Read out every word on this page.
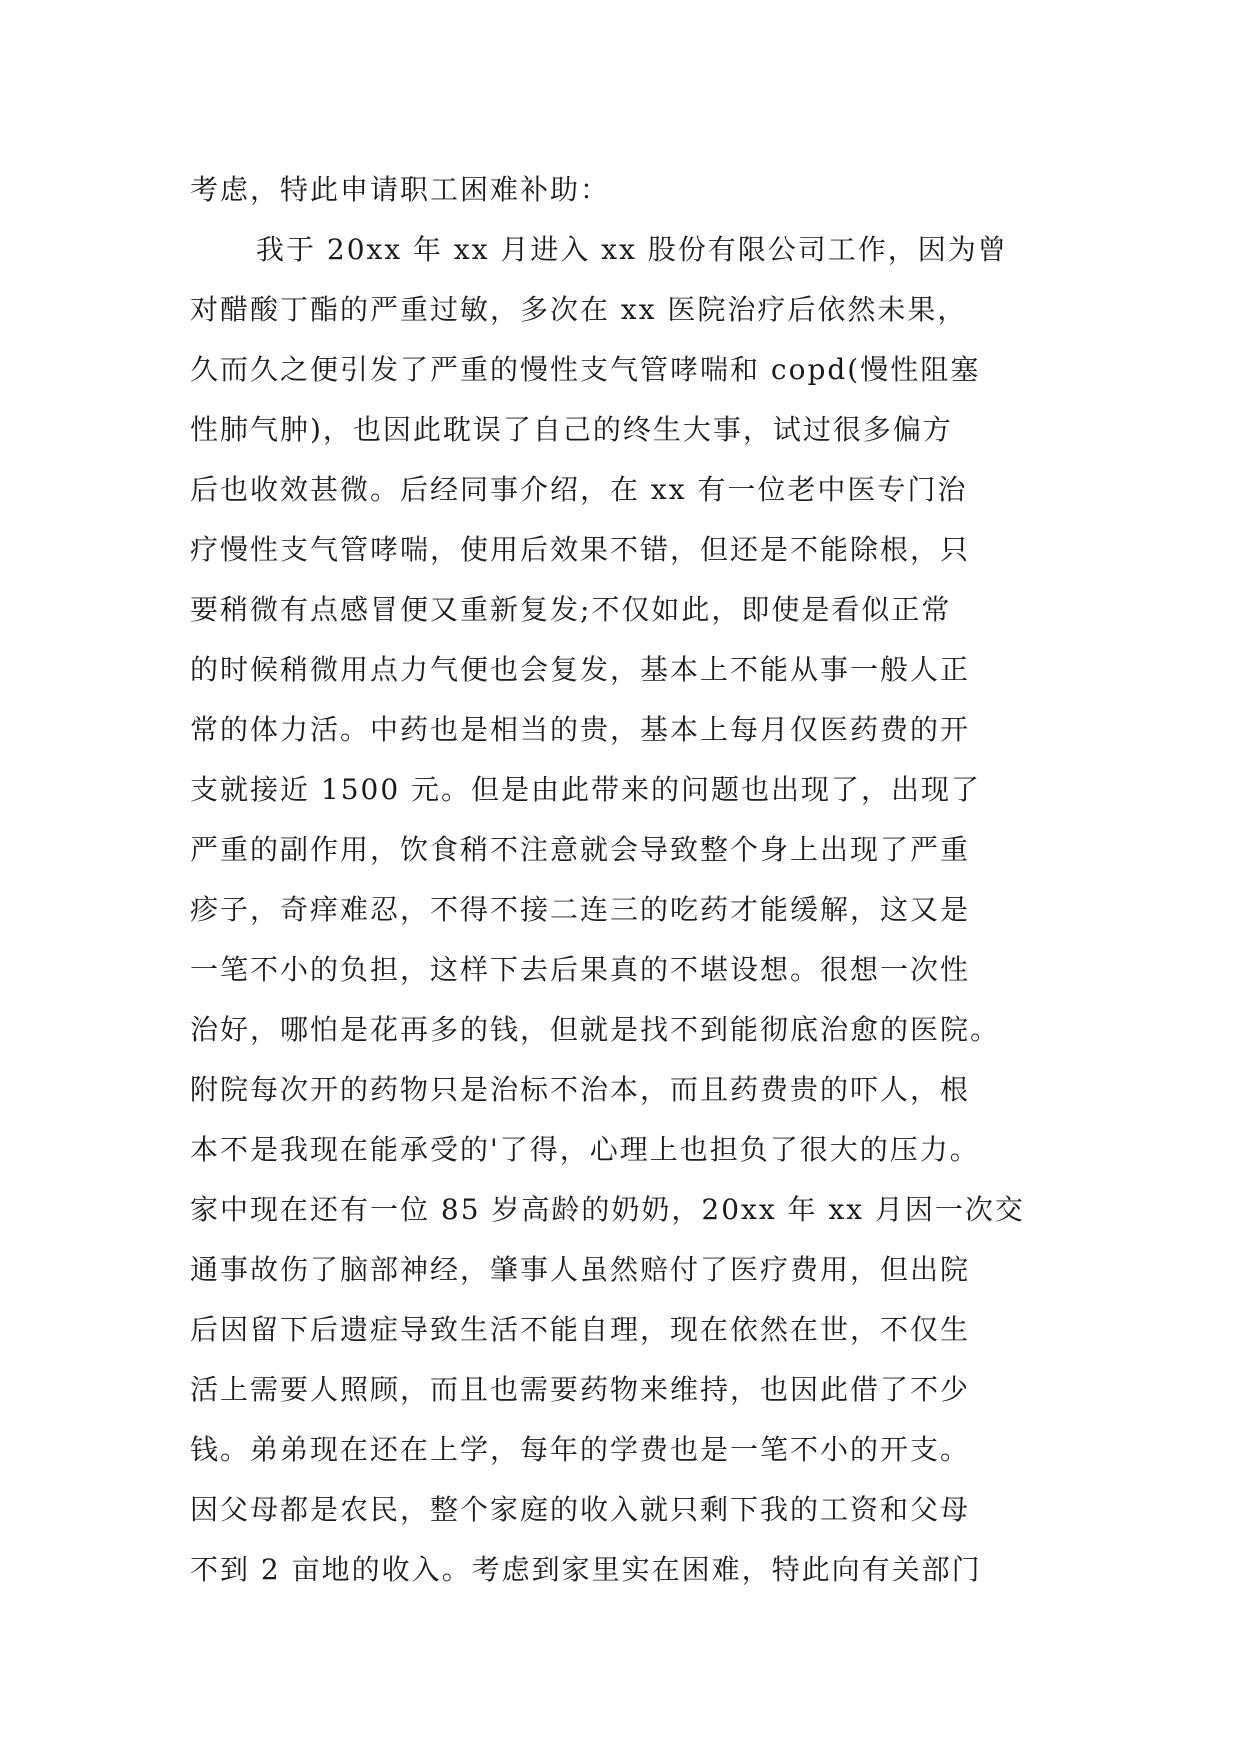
考虑，特此申请职工困难补助：
我于 20xx 年 xx 月进入 xx 股份有限公司工作，因为曾
对醋酸丁酯的严重过敏，多次在 xx 医院治疗后依然未果，
久而久之便引发了严重的慢性支气管哮喘和 copd(慢性阻塞
性肺气肿)，也因此耽误了自己的终生大事，试过很多偏方
后也收效甚微。后经同事介绍，在 xx 有一位老中医专门治
疗慢性支气管哮喘，使用后效果不错，但还是不能除根，只
要稍微有点感冒便又重新复发;不仅如此，即使是看似正常
的时候稍微用点力气便也会复发，基本上不能从事一般人正
常的体力活。中药也是相当的贵，基本上每月仅医药费的开
支就接近 1500 元。但是由此带来的问题也出现了，出现了
严重的副作用，饮食稍不注意就会导致整个身上出现了严重
疹子，奇痒难忍，不得不接二连三的吃药才能缓解，这又是
一笔不小的负担，这样下去后果真的不堪设想。很想一次性
治好，哪怕是花再多的钱，但就是找不到能彻底治愈的医院。
附院每次开的药物只是治标不治本，而且药费贵的吓人，根
本不是我现在能承受的'了得，心理上也担负了很大的压力。
家中现在还有一位 85 岁高龄的奶奶，20xx 年 xx 月因一次交
通事故伤了脑部神经，肇事人虽然赔付了医疗费用，但出院
后因留下后遗症导致生活不能自理，现在依然在世，不仅生
活上需要人照顾，而且也需要药物来维持，也因此借了不少
钱。弟弟现在还在上学，每年的学费也是一笔不小的开支。
因父母都是农民，整个家庭的收入就只剩下我的工资和父母
不到 2 亩地的收入。考虑到家里实在困难，特此向有关部门
